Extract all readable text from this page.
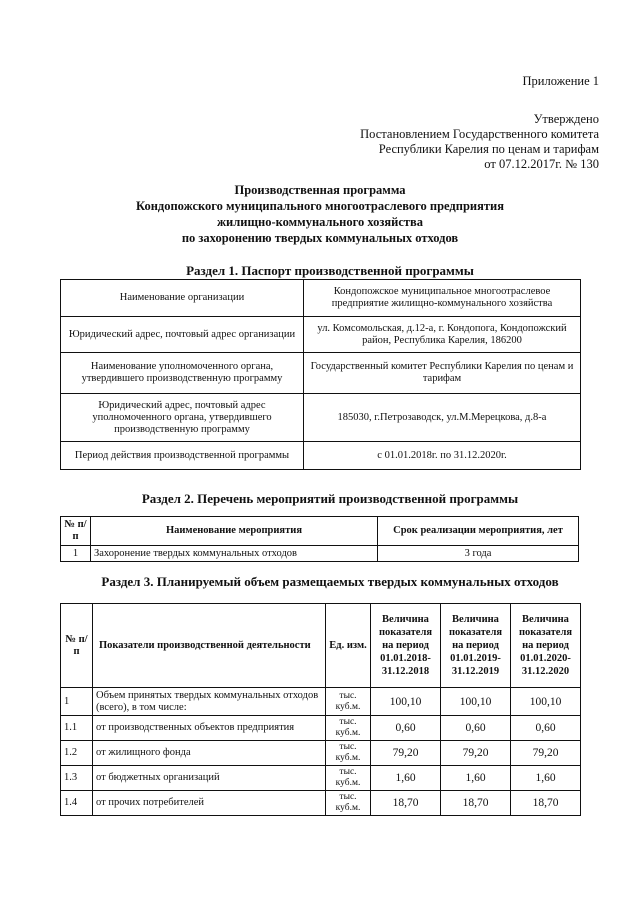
Приложение 1
Утверждено
Постановлением Государственного комитета
Республики Карелия по ценам и тарифам
от 07.12.2017г. № 130
Производственная программа
Кондопожского муниципального многоотраслевого предприятия
жилищно-коммунального хозяйства
по захоронению твердых коммунальных отходов
Раздел 1. Паспорт производственной программы
Наименование организации	Кондопожское муниципальное многоотраслевое предприятие жилищно-коммунального хозяйства
Юридический адрес, почтовый адрес организации	ул. Комсомольская, д.12-а, г. Кондопога, Кондопожский район, Республика Карелия, 186200
Наименование уполномоченного органа, утвердившего производственную программу	Государственный комитет Республики Карелия по ценам и тарифам
Юридический адрес, почтовый адрес уполномоченного органа, утвердившего производственную программу	185030, г.Петрозаводск, ул.М.Мерецкова, д.8-а
Период действия производственной программы	с 01.01.2018г. по 31.12.2020г.
Раздел 2. Перечень мероприятий производственной программы
№ п/п	Наименование мероприятия	Срок реализации мероприятия, лет
1	Захоронение твердых коммунальных отходов	3 года
Раздел 3. Планируемый объем размещаемых твердых коммунальных отходов
№ п/п	Показатели производственной деятельности	Ед. изм.	Величина показателя на период 01.01.2018-31.12.2018	Величина показателя на период 01.01.2019-31.12.2019	Величина показателя на период 01.01.2020-31.12.2020
1	Объем принятых твердых коммунальных отходов (всего), в том числе:	тыс. куб.м.	100,10	100,10	100,10
1.1	от производственных объектов предприятия	тыс. куб.м.	0,60	0,60	0,60
1.2	от жилищного фонда	тыс. куб.м.	79,20	79,20	79,20
1.3	от бюджетных организаций	тыс. куб.м.	1,60	1,60	1,60
1.4	от прочих потребителей	тыс. куб.м.	18,70	18,70	18,70
